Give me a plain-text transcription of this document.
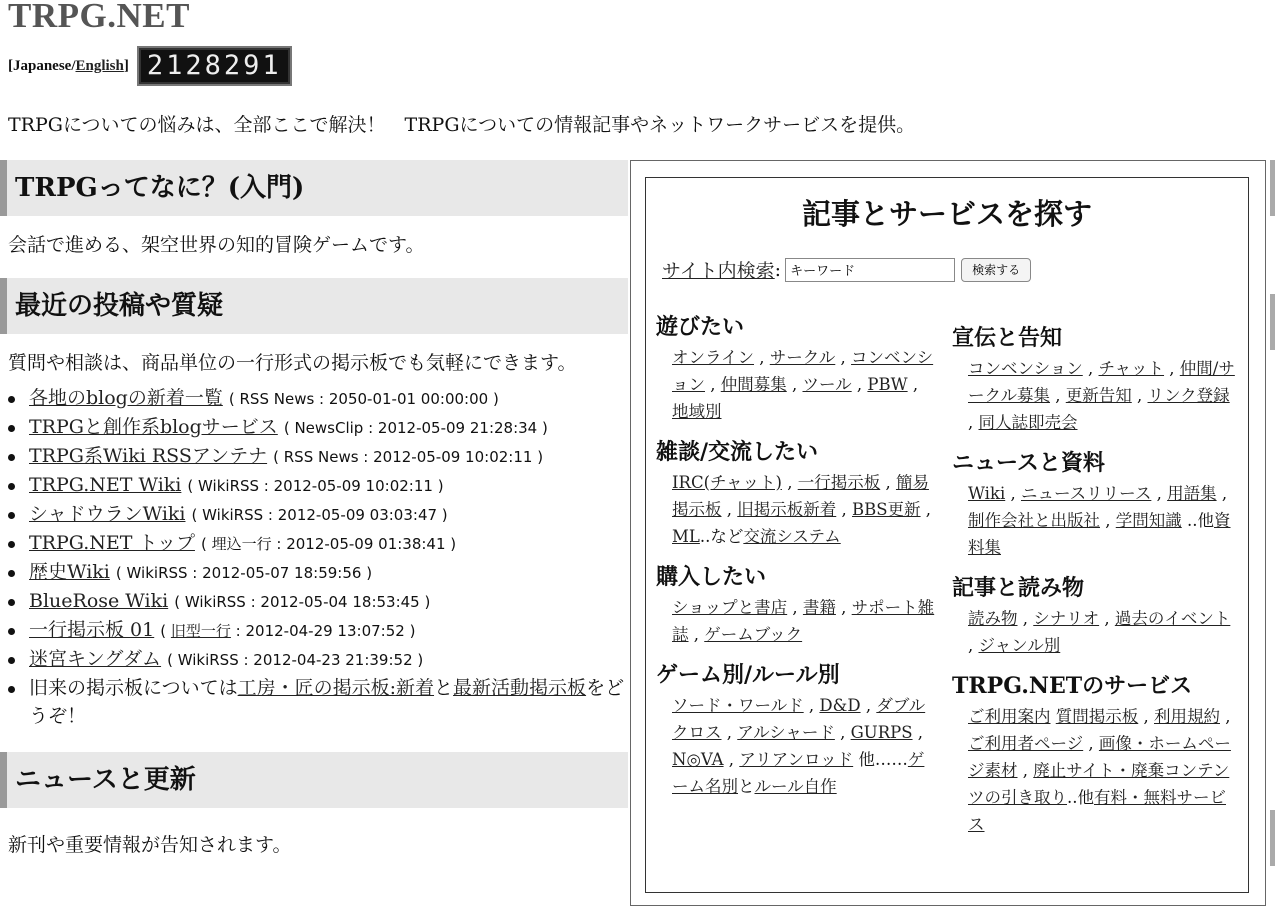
TRPG.NET
[Japanese/English] 2128291

TRPGについての悩みは、全部ここで解決！　TRPGについての情報記事やネットワークサービスを提供。

TRPGってなに？(入門)

会話で進める、架空世界の知的冒険ゲームです。

最近の投稿や質疑

質問や相談は、商品単位の一行形式の掲示板でも気軽にできます。

各地のblogの新着一覧 ( RSS News : 2050-01-01 00:00:00 )
TRPGと創作系blogサービス ( NewsClip : 2012-05-09 21:28:34 )
TRPG系Wiki RSSアンテナ ( RSS News : 2012-05-09 10:02:11 )
TRPG.NET Wiki ( WikiRSS : 2012-05-09 10:02:11 )
シャドウランWiki ( WikiRSS : 2012-05-09 03:03:47 )
TRPG.NET トップ ( 埋込一行 : 2012-05-09 01:38:41 )
歴史Wiki ( WikiRSS : 2012-05-07 18:59:56 )
BlueRose Wiki ( WikiRSS : 2012-05-04 18:53:45 )
一行掲示板 01 ( 旧型一行 : 2012-04-29 13:07:52 )
迷宮キングダム ( WikiRSS : 2012-04-23 21:39:52 )
旧来の掲示板については工房・匠の掲示板:新着と最新活動掲示板をどうぞ！
ニュースと更新

新刊や重要情報が告知されます。

記事とサービスを探す
サイト内検索 :
キーワード	検索する
遊びたい

オンライン , サークル , コンベンション , 仲間募集 , ツール , PBW , 地域別

雑談/交流したい

IRC(チャット) , 一行掲示板 , 簡易掲示板 , 旧掲示板新着 , BBS更新 , ML..など交流システム

購入したい

ショップと書店 , 書籍 , サポート雑誌 , ゲームブック

ゲーム別/ルール別

ソード・ワールド , D&D , ダブルクロス , アルシャード , GURPS , N◎VA , アリアンロッド 他……ゲーム名別とルール自作

宣伝と告知

コンベンション , チャット , 仲間/サークル募集 , 更新告知 , リンク登録 , 同人誌即売会

ニュースと資料

Wiki , ニュースリリース , 用語集 , 制作会社と出版社 , 学問知識 ..他資料集

記事と読み物

読み物 , シナリオ , 過去のイベント , ジャンル別

TRPG.NETのサービス

ご利用案内 質問掲示板 , 利用規約 , ご利用者ページ , 画像・ホームページ素材 , 廃止サイト・廃棄コンテンツの引き取り..他有料・無料サービス
